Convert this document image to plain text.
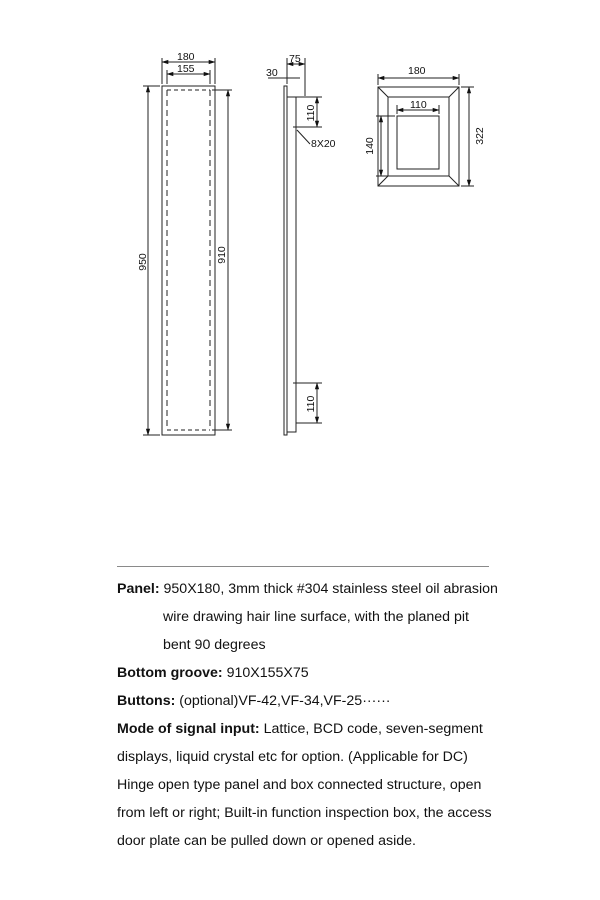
180
155
950	910
75
30
110
8X20
110
180
110
140
322

Panel: 950X180, 3mm thick #304 stainless steel oil abrasion

wire drawing hair line surface, with the planed pit

bent 90 degrees

Bottom groove: 910X155X75

Buttons: (optional)VF-42,VF-34,VF-25······

Mode of signal input: Lattice, BCD code, seven-segment

displays, liquid crystal etc for option. (Applicable for DC)

Hinge open type panel and box connected structure, open

from left or right; Built-in function inspection box, the access

door plate can be pulled down or opened aside.
